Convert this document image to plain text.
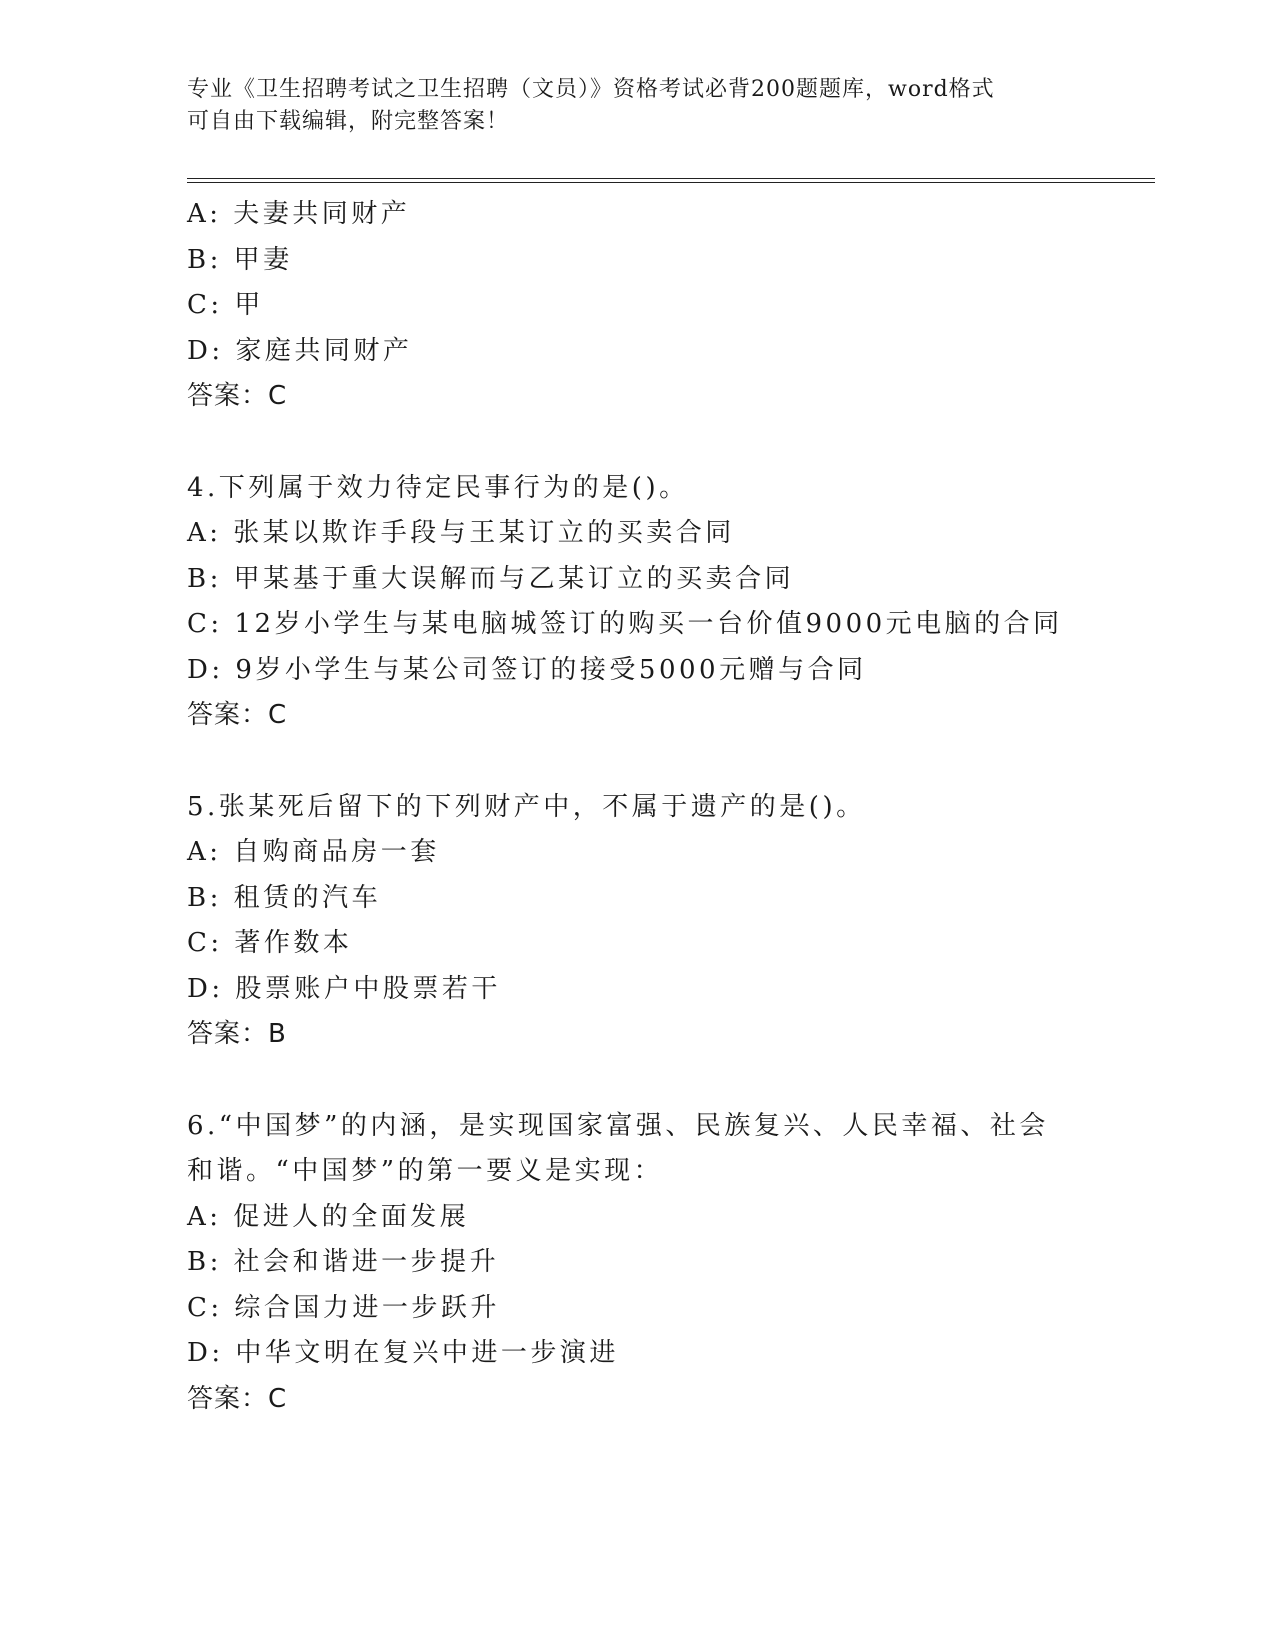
专业《卫生招聘考试之卫生招聘（文员）》资格考试必背200题题库，word格式
可自由下载编辑，附完整答案！
A: 夫妻共同财产
B: 甲妻
C: 甲
D: 家庭共同财产
答案：C
4.下列属于效力待定民事行为的是()。
A: 张某以欺诈手段与王某订立的买卖合同
B: 甲某基于重大误解而与乙某订立的买卖合同
C: 12岁小学生与某电脑城签订的购买一台价值9000元电脑的合同
D: 9岁小学生与某公司签订的接受5000元赠与合同
答案：C
5.张某死后留下的下列财产中，不属于遗产的是()。
A: 自购商品房一套
B: 租赁的汽车
C: 著作数本
D: 股票账户中股票若干
答案：B
6.“中国梦”的内涵，是实现国家富强、民族复兴、人民幸福、社会
和谐。“中国梦”的第一要义是实现：
A: 促进人的全面发展
B: 社会和谐进一步提升
C: 综合国力进一步跃升
D: 中华文明在复兴中进一步演进
答案：C
